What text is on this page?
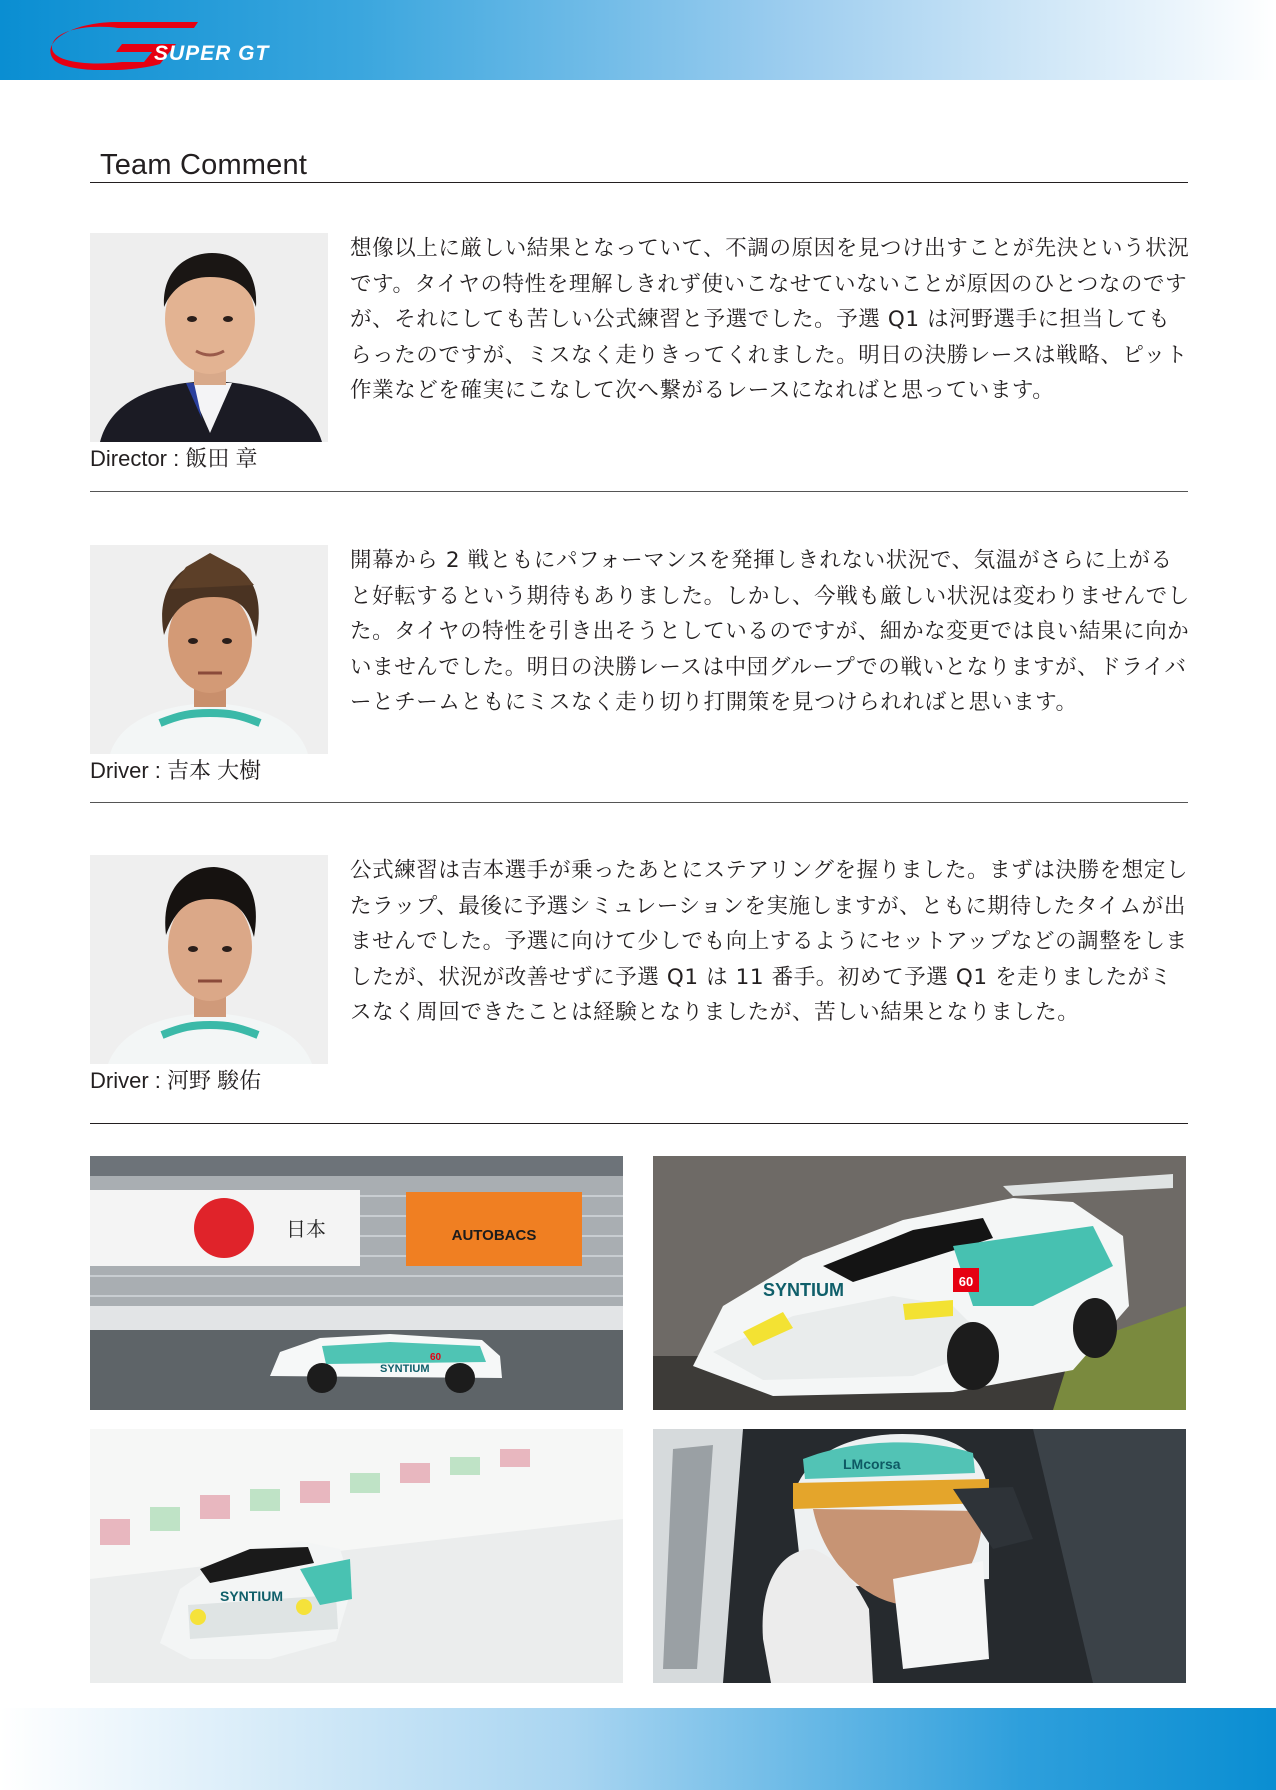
SUPER GT
Team Comment
Director : 飯田 章
想像以上に厳しい結果となっていて、不調の原因を見つけ出すことが先決という状況です。タイヤの特性を理解しきれず使いこなせていないことが原因のひとつなのですが、それにしても苦しい公式練習と予選でした。予選 Q1 は河野選手に担当してもらったのですが、ミスなく走りきってくれました。明日の決勝レースは戦略、ピット作業などを確実にこなして次へ繋がるレースになればと思っています。
Driver : 吉本 大樹
開幕から 2 戦ともにパフォーマンスを発揮しきれない状況で、気温がさらに上がると好転するという期待もありました。しかし、今戦も厳しい状況は変わりませんでした。タイヤの特性を引き出そうとしているのですが、細かな変更では良い結果に向かいませんでした。明日の決勝レースは中団グループでの戦いとなりますが、ドライバーとチームともにミスなく走り切り打開策を見つけられればと思います。
Driver : 河野 駿佑
公式練習は吉本選手が乗ったあとにステアリングを握りました。まずは決勝を想定したラップ、最後に予選シミュレーションを実施しますが、ともに期待したタイムが出ませんでした。予選に向けて少しでも向上するようにセットアップなどの調整をしましたが、状況が改善せずに予選 Q1 は 11 番手。初めて予選 Q1 を走りましたがミスなく周回できたことは経験となりましたが、苦しい結果となりました。
日本	AUTOBACS
SYNTIUM
60
SYNTIUM	60
SYNTIUM
LMcorsa
